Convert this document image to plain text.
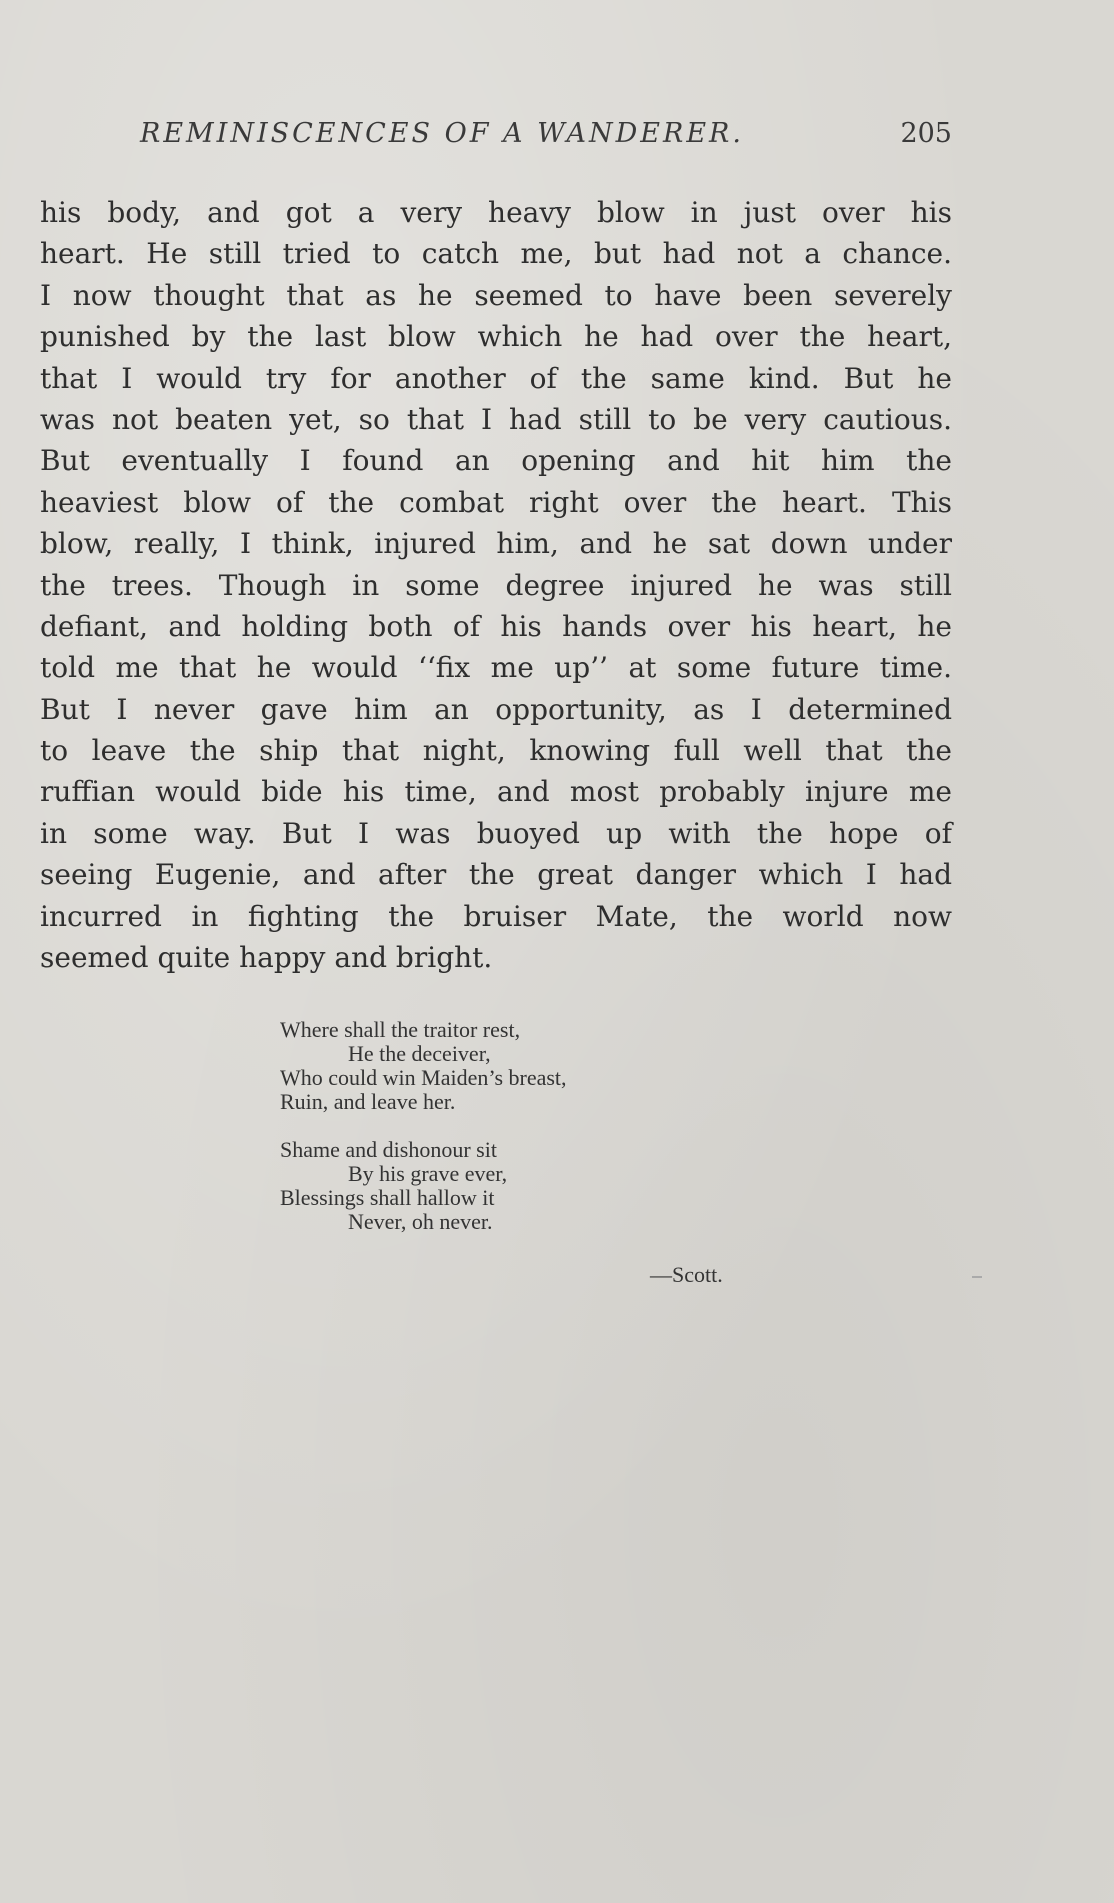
REMINISCENCES OF A WANDERER.	205
his body, and got a very heavy blow in just over his
heart. He still tried to catch me, but had not a chance.
I now thought that as he seemed to have been severely
punished by the last blow which he had over the heart,
that I would try for another of the same kind. But he
was not beaten yet, so that I had still to be very cautious.
But eventually I found an opening and hit him the
heaviest blow of the combat right over the heart. This
blow, really, I think, injured him, and he sat down under
the trees. Though in some degree injured he was still
defiant, and holding both of his hands over his heart, he
told me that he would ‘‘fix me up’’ at some future time.
But I never gave him an opportunity, as I determined
to leave the ship that night, knowing full well that the
ruffian would bide his time, and most probably injure me
in some way. But I was buoyed up with the hope of
seeing Eugenie, and after the great danger which I had
incurred in fighting the bruiser Mate, the world now
seemed quite happy and bright.
Where shall the traitor rest,
He the deceiver,
Who could win Maiden’s breast,
Ruin, and leave her.
Shame and dishonour sit
By his grave ever,
Blessings shall hallow it
Never, oh never.
—Scott.
